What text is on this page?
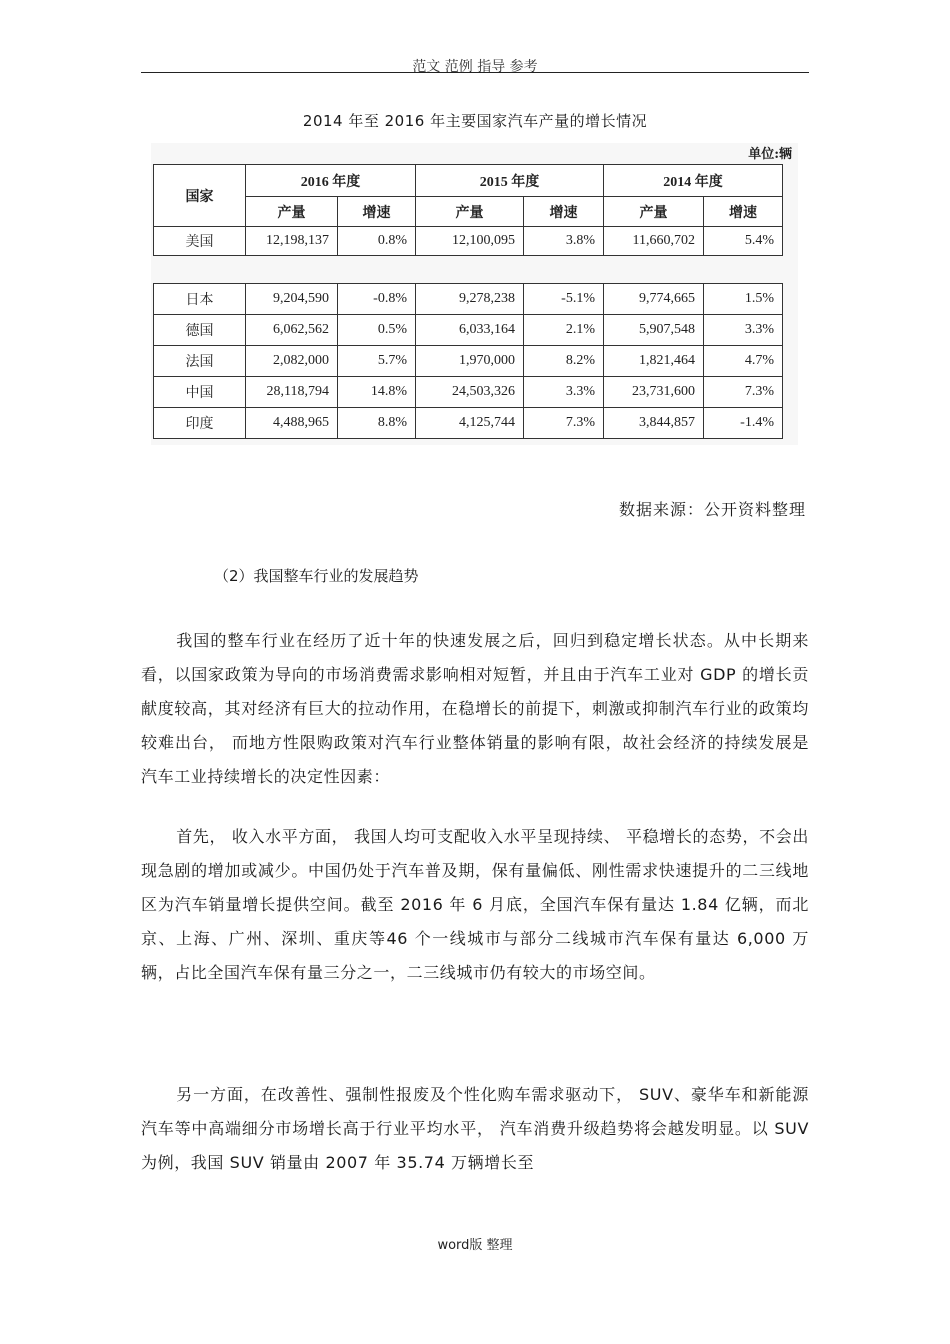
范文 范例 指导 参考
2014 年至 2016 年主要国家汽车产量的增长情况
单位:辆
国家	2016 年度		2015 年度		2014 年度	
	产量	增速	产量	增速	产量	增速
美国	12,198,137	0.8%	12,100,095	3.8%	11,660,702	5.4%
日本	9,204,590	-0.8%	9,278,238	-5.1%	9,774,665	1.5%
德国	6,062,562	0.5%	6,033,164	2.1%	5,907,548	3.3%
法国	2,082,000	5.7%	1,970,000	8.2%	1,821,464	4.7%
中国	28,118,794	14.8%	24,503,326	3.3%	23,731,600	7.3%
印度	4,488,965	8.8%	4,125,744	7.3%	3,844,857	-1.4%
数据来源：公开资料整理
（2）我国整车行业的发展趋势

我国的整车行业在经历了近十年的快速发展之后，回归到稳定增长状态。从中长期来看，以国家政策为导向的市场消费需求影响相对短暂，并且由于汽车工业对 GDP 的增长贡献度较高，其对经济有巨大的拉动作用，在稳增长的前提下，刺激或抑制汽车行业的政策均较难出台， 而地方性限购政策对汽车行业整体销量的影响有限，故社会经济的持续发展是汽车工业持续增长的决定性因素：

首先， 收入水平方面， 我国人均可支配收入水平呈现持续、 平稳增长的态势，不会出现急剧的增加或减少。中国仍处于汽车普及期，保有量偏低、刚性需求快速提升的二三线地区为汽车销量增长提供空间。截至 2016 年 6 月底，全国汽车保有量达 1.84 亿辆，而北京、上海、广州、深圳、重庆等46 个一线城市与部分二线城市汽车保有量达 6,000 万辆，占比全国汽车保有量三分之一，二三线城市仍有较大的市场空间。

另一方面，在改善性、强制性报废及个性化购车需求驱动下， SUV、豪华车和新能源汽车等中高端细分市场增长高于行业平均水平， 汽车消费升级趋势将会越发明显。以 SUV 为例，我国 SUV 销量由 2007 年 35.74 万辆增长至

word版 整理
